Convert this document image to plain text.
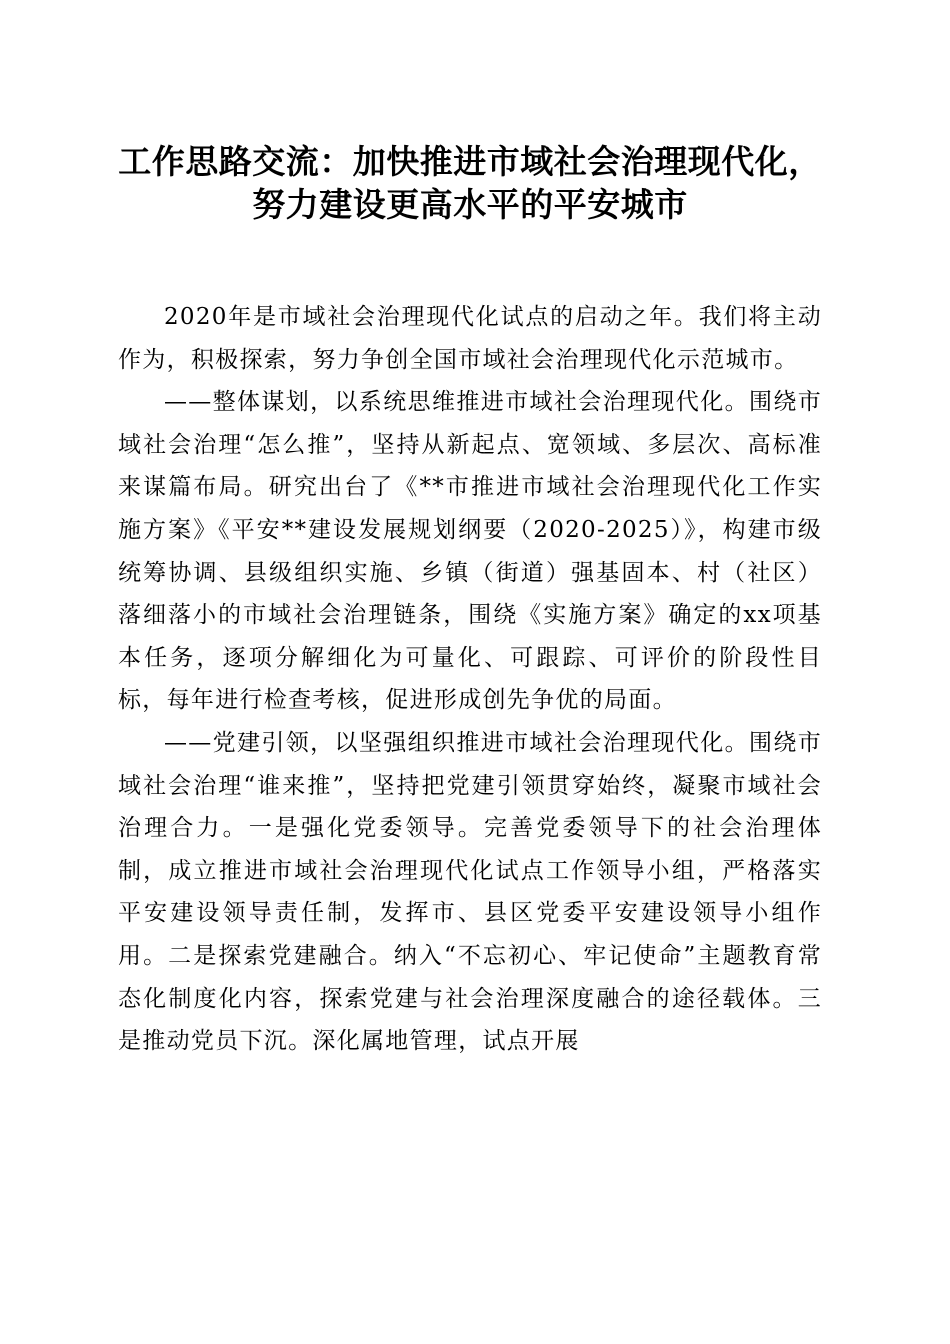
工作思路交流：加快推进市域社会治理现代化，
努力建设更高水平的平安城市

2020年是市域社会治理现代化试点的启动之年。我们将主动作为，积极探索，努力争创全国市域社会治理现代化示范城市。

——整体谋划，以系统思维推进市域社会治理现代化。围绕市域社会治理“怎么推”，坚持从新起点、宽领域、多层次、高标准来谋篇布局。研究出台了《**市推进市域社会治理现代化工作实施方案》《平安**建设发展规划纲要（2020-2025）》，构建市级统筹协调、县级组织实施、乡镇（街道）强基固本、村（社区）落细落小的市域社会治理链条，围绕《实施方案》确定的xx项基本任务，逐项分解细化为可量化、可跟踪、可评价的阶段性目标，每年进行检查考核，促进形成创先争优的局面。

——党建引领，以坚强组织推进市域社会治理现代化。围绕市域社会治理“谁来推”，坚持把党建引领贯穿始终，凝聚市域社会治理合力。一是强化党委领导。完善党委领导下的社会治理体制，成立推进市域社会治理现代化试点工作领导小组，严格落实平安建设领导责任制，发挥市、县区党委平安建设领导小组作用。二是探索党建融合。纳入“不忘初心、牢记使命”主题教育常态化制度化内容，探索党建与社会治理深度融合的途径载体。三是推动党员下沉。深化属地管理，试点开展
